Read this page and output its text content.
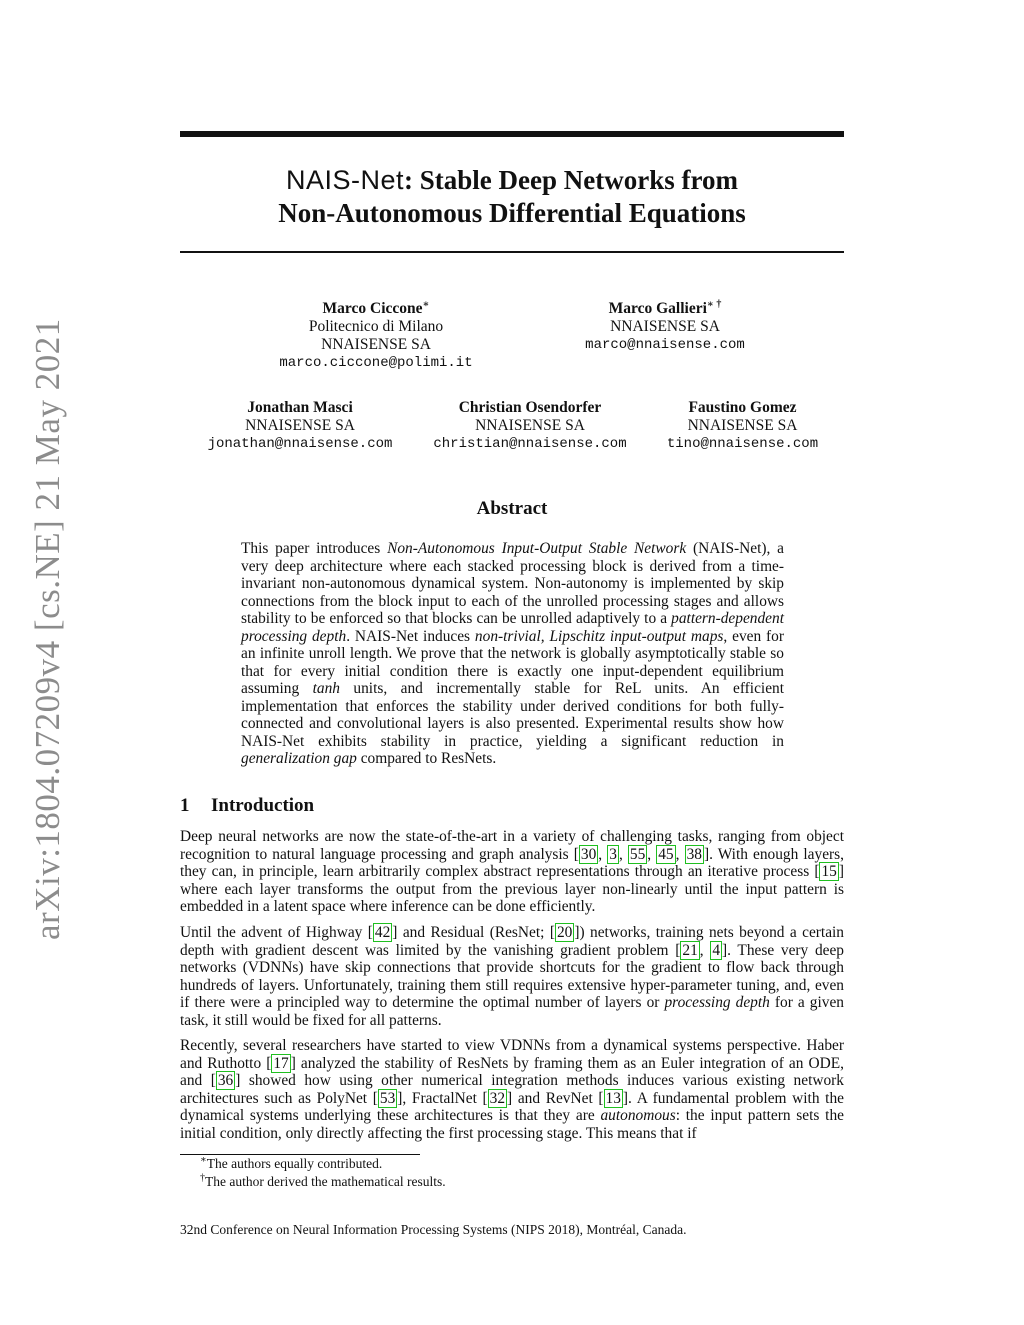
arXiv:1804.07209v4 [cs.NE] 21 May 2021
NAIS-Net: Stable Deep Networks from
Non-Autonomous Differential Equations
Marco Ciccone∗
Politecnico di Milano
NNAISENSE SA
marco.ciccone@polimi.it
Marco Gallieri∗ †
NNAISENSE SA
marco@nnaisense.com
Jonathan Masci
NNAISENSE SA
jonathan@nnaisense.com
Christian Osendorfer
NNAISENSE SA
christian@nnaisense.com
Faustino Gomez
NNAISENSE SA
tino@nnaisense.com
Abstract
This paper introduces Non-Autonomous Input-Output Stable Network (NAIS-Net), a very deep architecture where each stacked processing block is derived from a time-invariant non-autonomous dynamical system. Non-autonomy is implemented by skip connections from the block input to each of the unrolled processing stages and allows stability to be enforced so that blocks can be unrolled adaptively to a pattern-dependent processing depth. NAIS-Net induces non-trivial, Lipschitz input-output maps, even for an infinite unroll length. We prove that the network is globally asymptotically stable so that for every initial condition there is exactly one input-dependent equilibrium assuming tanh units, and incrementally stable for ReL units. An efficient implementation that enforces the stability under derived conditions for both fully-connected and convolutional layers is also presented. Experimental results show how NAIS-Net exhibits stability in practice, yielding a significant reduction in generalization gap compared to ResNets.
1 Introduction
Deep neural networks are now the state-of-the-art in a variety of challenging tasks, ranging from object recognition to natural language processing and graph analysis [ 30 , 3 , 55 , 45 , 38 ]. With enough layers, they can, in principle, learn arbitrarily complex abstract representations through an iterative process [ 15 ] where each layer transforms the output from the previous layer non-linearly until the input pattern is embedded in a latent space where inference can be done efficiently.
Until the advent of Highway [ 42 ] and Residual (ResNet; [ 20 ]) networks, training nets beyond a certain depth with gradient descent was limited by the vanishing gradient problem [ 21 , 4 ]. These very deep networks (VDNNs) have skip connections that provide shortcuts for the gradient to flow back through hundreds of layers. Unfortunately, training them still requires extensive hyper-parameter tuning, and, even if there were a principled way to determine the optimal number of layers or processing depth for a given task, it still would be fixed for all patterns.
Recently, several researchers have started to view VDNNs from a dynamical systems perspective. Haber and Ruthotto [ 17 ] analyzed the stability of ResNets by framing them as an Euler integration of an ODE, and [ 36 ] showed how using other numerical integration methods induces various existing network architectures such as PolyNet [ 53 ], FractalNet [ 32 ] and RevNet [ 13 ]. A fundamental problem with the dynamical systems underlying these architectures is that they are autonomous: the input pattern sets the initial condition, only directly affecting the first processing stage. This means that if
∗The authors equally contributed.
†The author derived the mathematical results.
32nd Conference on Neural Information Processing Systems (NIPS 2018), Montréal, Canada.
